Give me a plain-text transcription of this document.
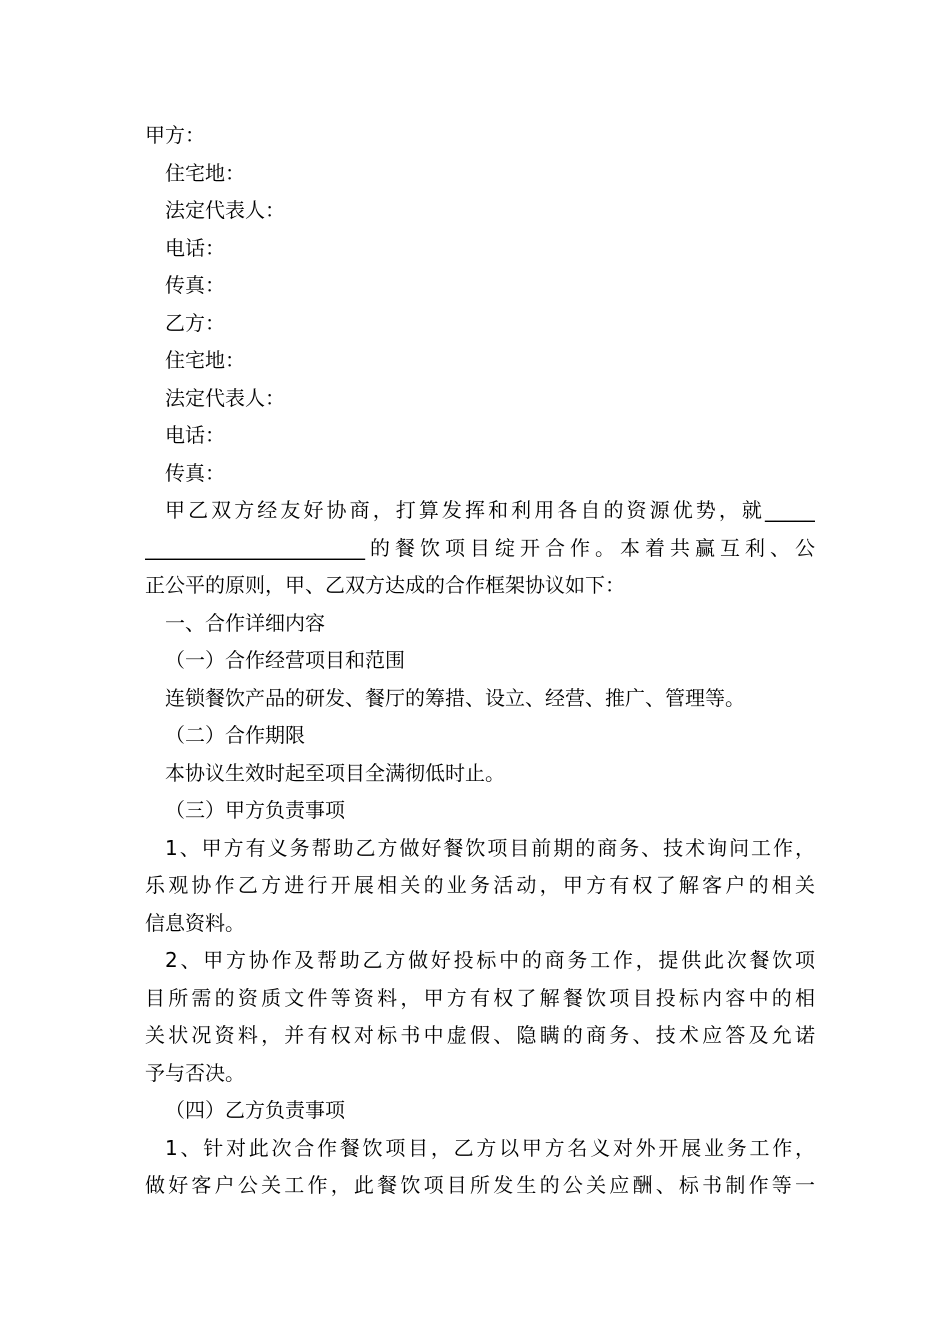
甲方：
住宅地：
法定代表人：
电话：
传真：
乙方：
住宅地：
法定代表人：
电话：
传真：
甲乙双方经友好协商，打算发挥和利用各自的资源优势，就_____
______________________的餐饮项目绽开合作。本着共赢互利、公
正公平的原则，甲、乙双方达成的合作框架协议如下：
一、合作详细内容
（一）合作经营项目和范围
连锁餐饮产品的研发、餐厅的筹措、设立、经营、推广、管理等。
（二）合作期限
本协议生效时起至项目全满彻低时止。
（三）甲方负责事项
1、甲方有义务帮助乙方做好餐饮项目前期的商务、技术询问工作，
乐观协作乙方进行开展相关的业务活动，甲方有权了解客户的相关
信息资料。
2、甲方协作及帮助乙方做好投标中的商务工作，提供此次餐饮项
目所需的资质文件等资料，甲方有权了解餐饮项目投标内容中的相
关状况资料，并有权对标书中虚假、隐瞒的商务、技术应答及允诺
予与否决。
（四）乙方负责事项
1、针对此次合作餐饮项目，乙方以甲方名义对外开展业务工作，
做好客户公关工作，此餐饮项目所发生的公关应酬、标书制作等一
